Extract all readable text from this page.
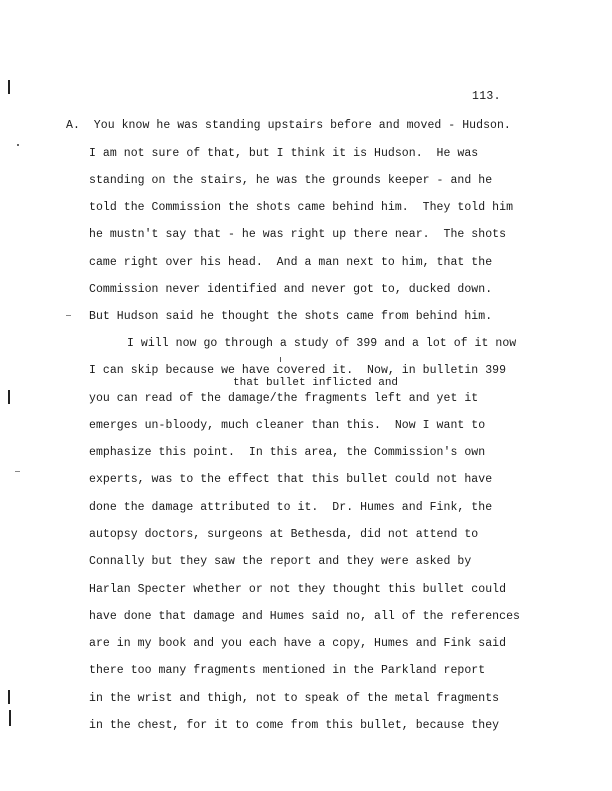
113.
A.  You know he was standing upstairs before and moved - Hudson.
I am not sure of that, but I think it is Hudson.  He was
standing on the stairs, he was the grounds keeper - and he
told the Commission the shots came behind him.  They told him
he mustn't say that - he was right up there near.  The shots
came right over his head.  And a man next to him, that the
Commission never identified and never got to, ducked down.
But Hudson said he thought the shots came from behind him.
I will now go through a study of 399 and a lot of it now
I can skip because we have covered it.  Now, in bulletin 399
that bullet inflicted and
you can read of the damage/the fragments left and yet it
emerges un-bloody, much cleaner than this.  Now I want to
emphasize this point.  In this area, the Commission's own
experts, was to the effect that this bullet could not have
done the damage attributed to it.  Dr. Humes and Fink, the
autopsy doctors, surgeons at Bethesda, did not attend to
Connally but they saw the report and they were asked by
Harlan Specter whether or not they thought this bullet could
have done that damage and Humes said no, all of the references
are in my book and you each have a copy, Humes and Fink said
there too many fragments mentioned in the Parkland report
in the wrist and thigh, not to speak of the metal fragments
in the chest, for it to come from this bullet, because they
